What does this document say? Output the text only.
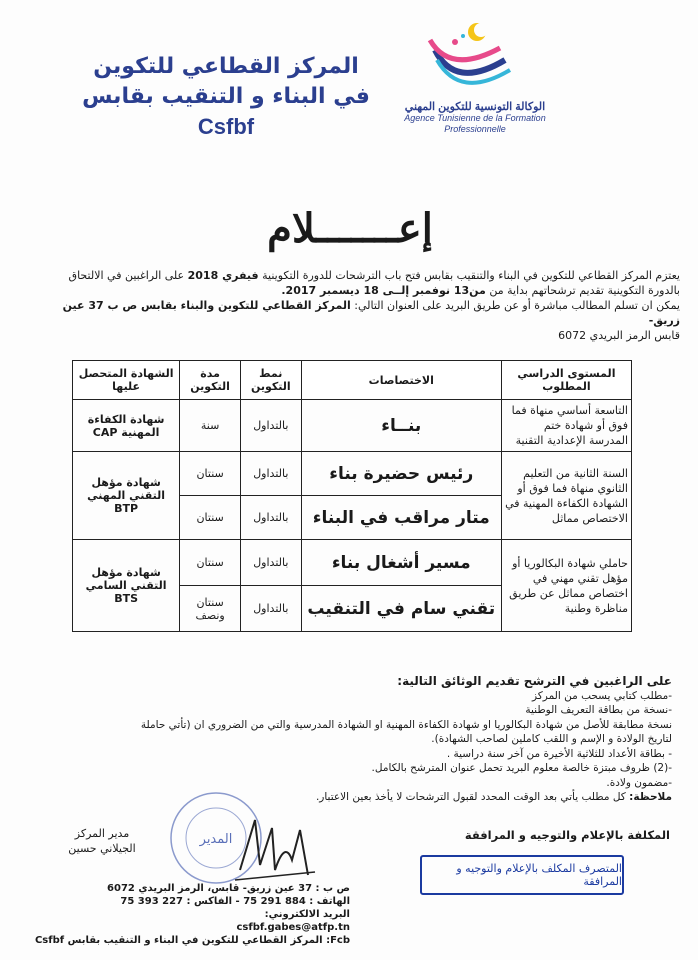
الوكالة التونسية للتكوين المهني
Agence Tunisienne de la Formation
Professionnelle
المركز القطاعي للتكوين
في البناء و التنقيب بقابس
Csfbf
إعـــــــلام
يعتزم المركز القطاعي للتكوين في البناء والتنقيب بقابس فتح باب الترشحات للدورة التكوينية فيفري 2018 على الراغبين في الالتحاق بالدورة التكوينية تقديم ترشحاتهم بداية من من13 نوفمبر إلــى 18 ديسمبر 2017.
يمكن ان تسلم المطالب مباشرة أو عن طريق البريد على العنوان التالي: المركز القطاعي للتكوين والبناء بقابس ص ب 37 عين زريق-
قابس الرمز البريدي 6072
المستوى الدراسي المطلوب	الاختصاصات	نمط التكوين	مدة التكوين	الشهادة المتحصل عليها
التاسعة أساسي منهاة فما فوق أو شهادة ختم المدرسة الإعدادية التقنية	بنــاء	بالتداول	سنة	شهادة الكفاءة المهنية CAP
السنة الثانية من التعليم الثانوي منهاة فما فوق أو الشهادة الكفاءة المهنية في الاختصاص مماثل	رئيس حضيرة بناء	بالتداول	سنتان	شهادة مؤهل التقني المهني BTP
	متار مراقب في البناء	بالتداول	سنتان	
حاملي شهادة البكالوريا أو مؤهل تقني مهني في اختصاص مماثل عن طريق مناظرة وطنية	مسير أشغال بناء	بالتداول	سنتان	شهادة مؤهل التقني السامي BTS
	تقني سام في التنقيب	بالتداول	سنتان ونصف	
على الراغبين في الترشح تقديم الوثائق التالية:
-مطلب كتابي يسحب من المركز
-نسخة من بطاقة التعريف الوطنية
نسخة مطابقة للأصل من شهادة البكالوريا او شهادة الكفاءة المهنية او الشهادة المدرسية والتي من الضروري ان (تأتي حاملة
لتاريخ الولادة و الإسم و اللقب كاملين لصاحب الشهادة).
- بطاقة الأعداد للثلاثية الأخيرة من آخر سنة دراسية .
-(2) ظروف مبتزة خالصة معلوم البريد تحمل عنوان المترشح بالكامل.
-مضمون ولادة.
ملاحظة: كل مطلب يأتي بعد الوقت المحدد لقبول الترشحات لا يأخذ بعين الاعتبار.
المكلفة بالإعلام والتوجيه و المرافقة
المتصرف المكلف بالإعلام والتوجيه و المرافقة
مدير المركز
الجيلاني حسين
المدير
ص ب : 37 عين زريق- قابس، الرمز البريدي 6072
الهاتف : 884 291 75 - الفاكس : 227 393 75
البريد الالكتروني:
csfbf.gabes@atfp.tn
Fcb: المركز القطاعي للتكوين في البناء و التنقيب بقابس Csfbf
